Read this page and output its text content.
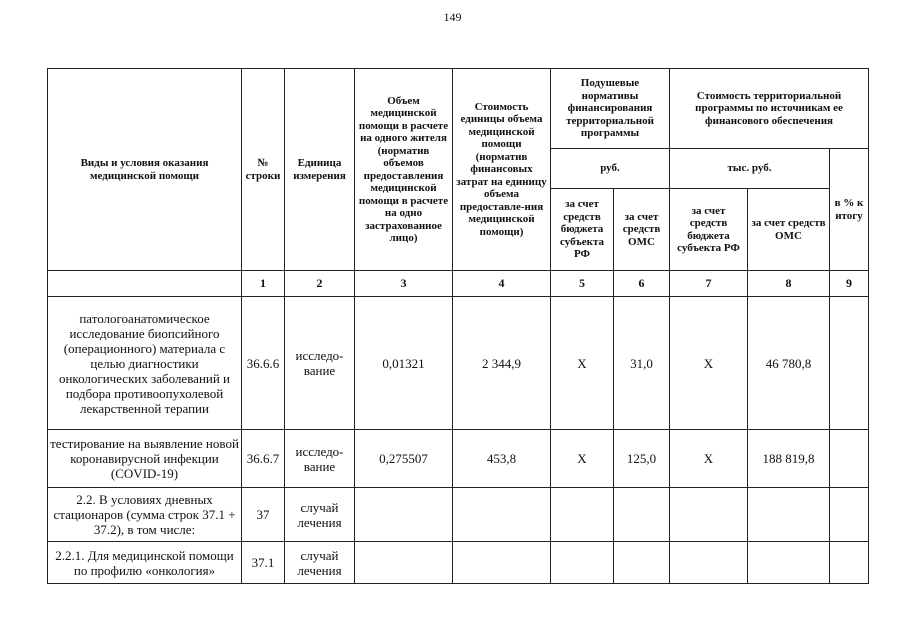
149
Виды и условия оказания медицинской помощи	№ строки	Единица измерения	Объем медицинской помощи в расчете на одного жителя (норматив объемов предоставления медицинской помощи в расчете на одно застрахованное лицо)	Стоимость единицы объема медицинской помощи (норматив финансовых затрат на единицу объема предоставле-ния медицинской помощи)	Подушевые нормативы финансирования территориальной программы		Стоимость территориальной программы по источникам ее финансового обеспечения		
					руб.		тыс. руб.		в % к итогу
					за счет средств бюджета субъекта РФ	за счет средств ОМС	за счет средств бюджета субъекта РФ	за счет средств ОМС	
	1	2	3	4	5	6	7	8	9
патологоанатомическое исследование биопсийного (операционного) материала с целью диагностики онкологических заболеваний и подбора противоопухолевой лекарственной терапии	36.6.6	исследо-вание	0,01321	2 344,9	X	31,0	X	46 780,8	
тестирование на выявление новой коронавирусной инфекции (COVID-19)	36.6.7	исследо-вание	0,275507	453,8	X	125,0	X	188 819,8	
2.2. В условиях дневных стационаров (сумма строк 37.1 + 37.2), в том числе:	37	случай лечения							
2.2.1. Для медицинской помощи по профилю «онкология»	37.1	случай лечения							
